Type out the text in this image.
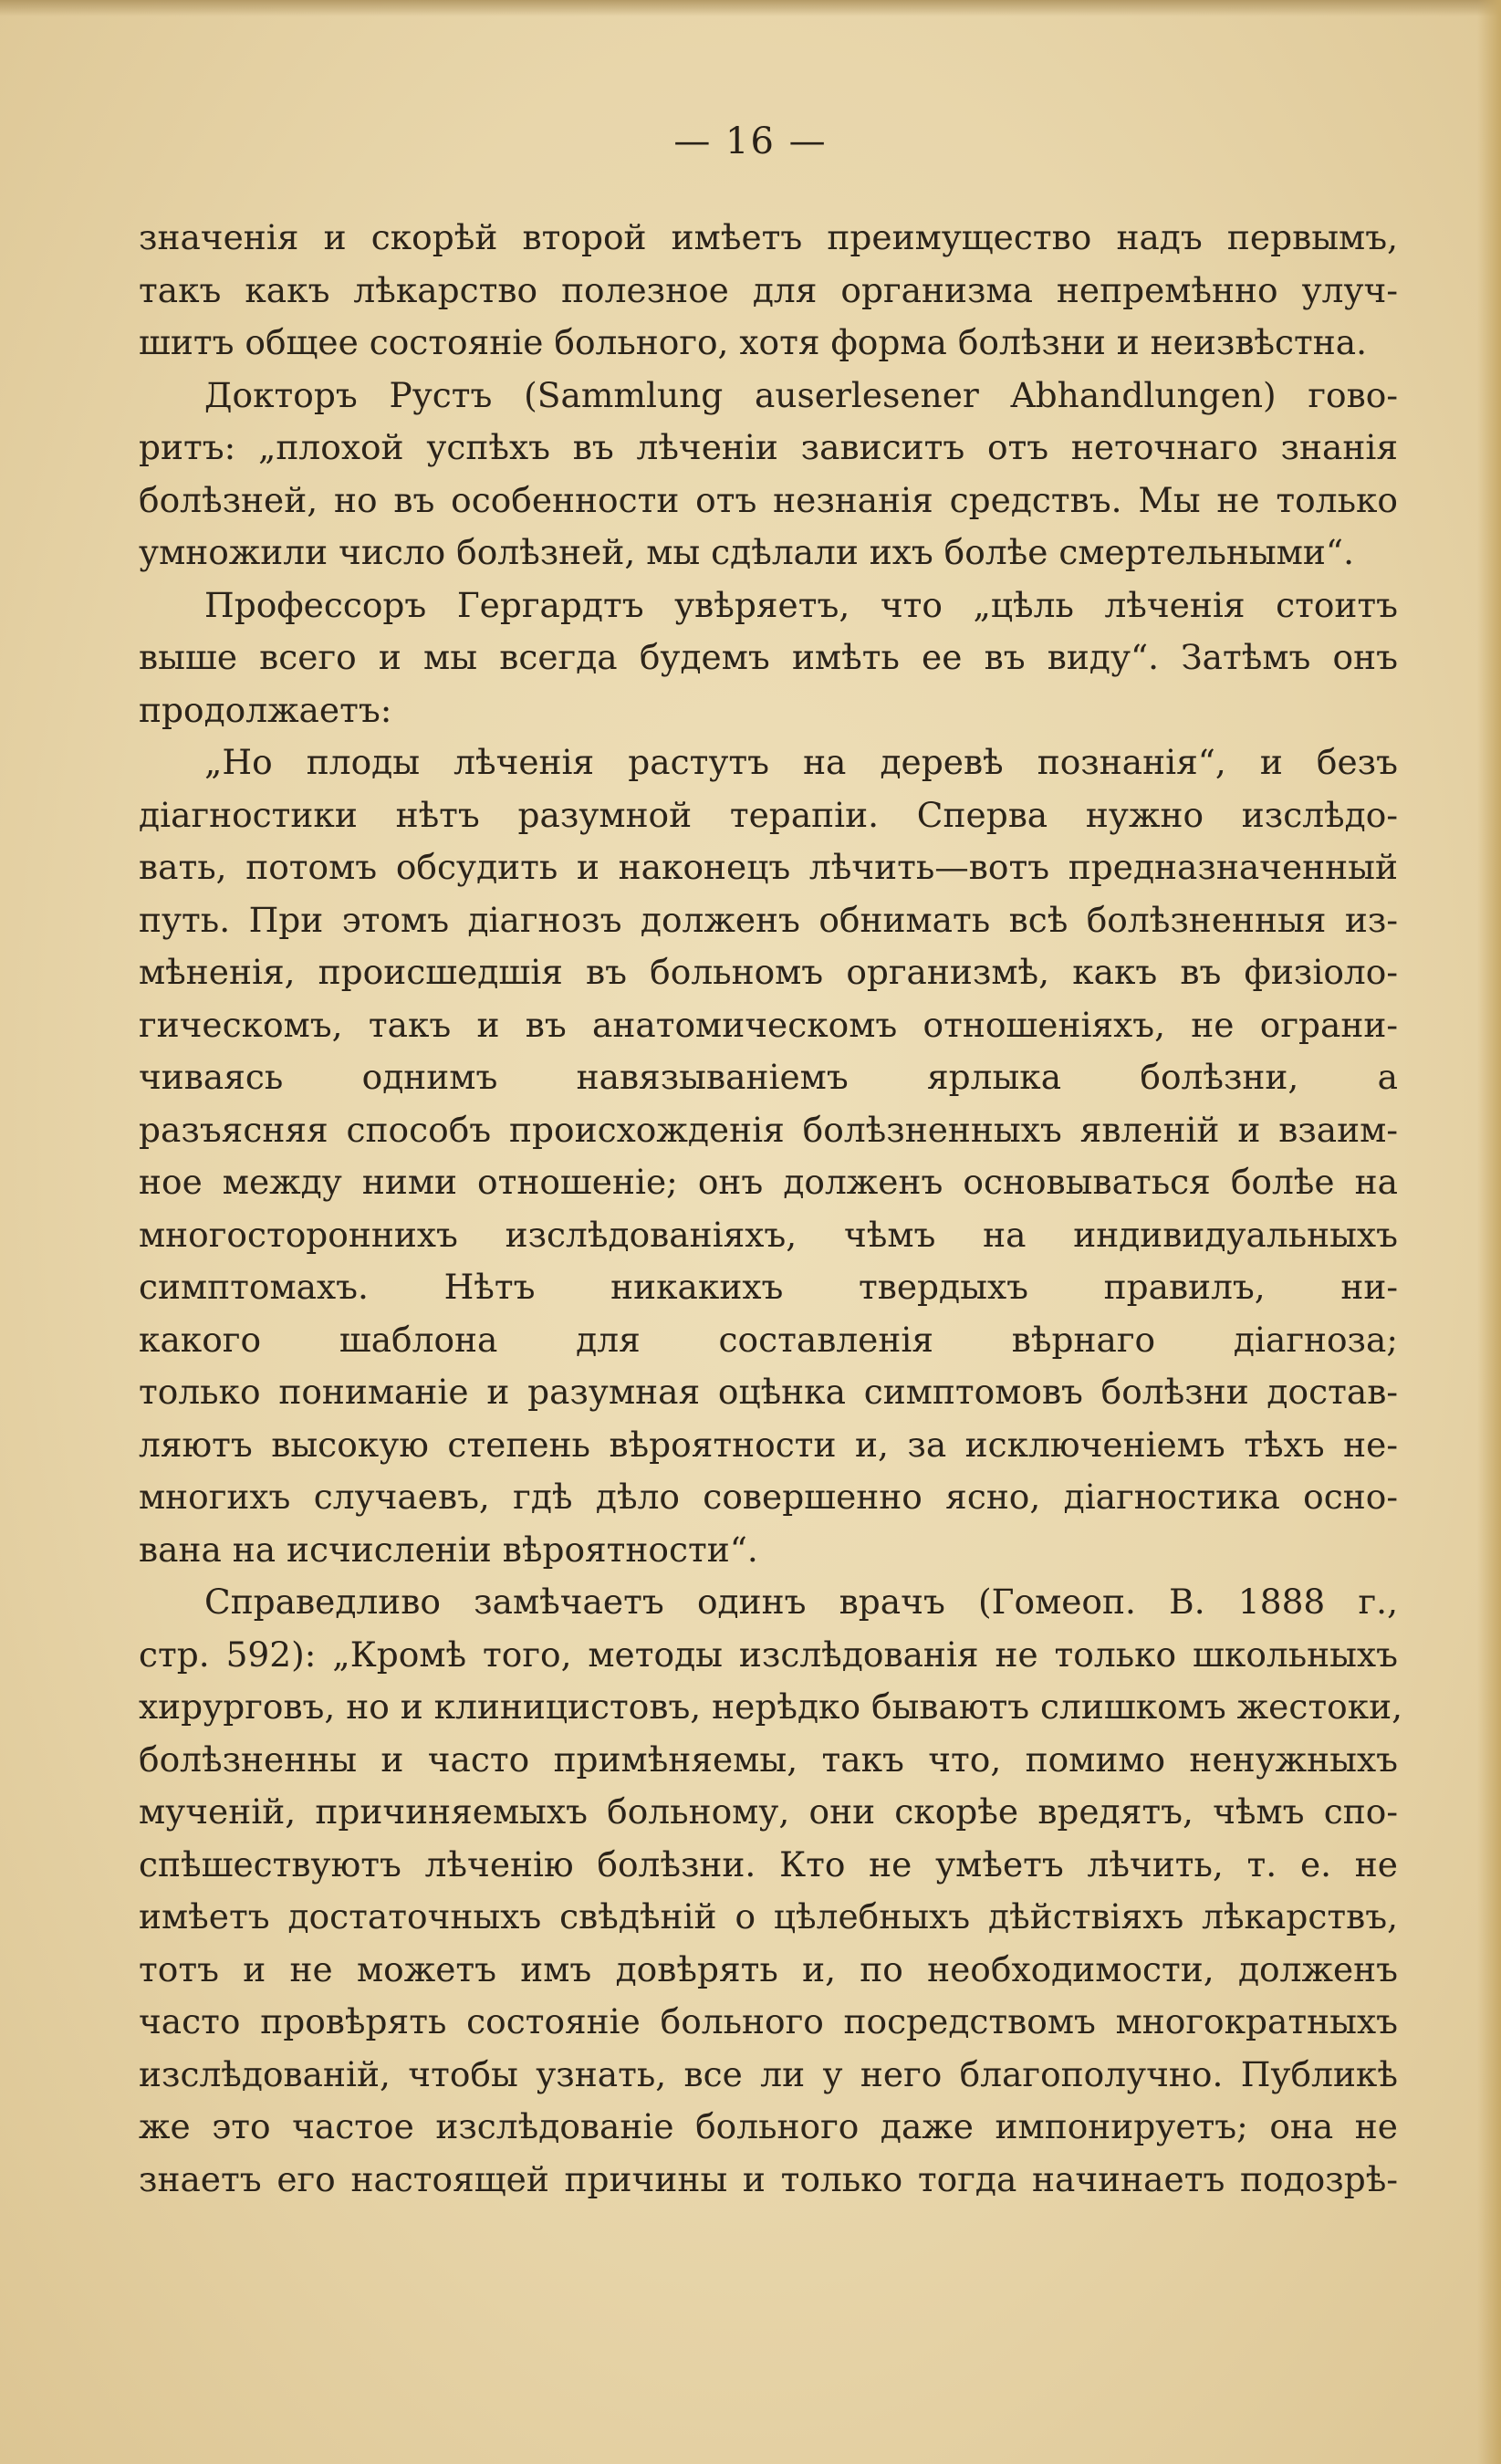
— 16 —
значенія и скорѣй второй имѣетъ преимущество надъ первымъ,
такъ какъ лѣкарство полезное для организма непремѣнно улуч-
шитъ общее состояніе больного, хотя форма болѣзни и неизвѣстна.
Докторъ Рустъ (Sammlung auserlesener Abhandlungen) гово-
ритъ: „плохой успѣхъ въ лѣченіи зависитъ отъ неточнаго знанія
болѣзней, но въ особенности отъ незнанія средствъ. Мы не только
умножили число болѣзней, мы сдѣлали ихъ болѣе смертельными“.
Профессоръ Гергардтъ увѣряетъ, что „цѣль лѣченія стоитъ
выше всего и мы всегда будемъ имѣть ее въ виду“. Затѣмъ онъ
продолжаетъ:
„Но плоды лѣченія растутъ на деревѣ познанія“, и безъ
діагностики нѣтъ разумной терапіи. Сперва нужно изслѣдо-
вать, потомъ обсудить и наконецъ лѣчить—вотъ предназначенный
путь. При этомъ діагнозъ долженъ обнимать всѣ болѣзненныя из-
мѣненія, происшедшія въ больномъ организмѣ, какъ въ физіоло-
гическомъ, такъ и въ анатомическомъ отношеніяхъ, не ограни-
чиваясь однимъ навязываніемъ ярлыка болѣзни, а
разъясняя способъ происхожденія болѣзненныхъ явленій и взаим-
ное между ними отношеніе; онъ долженъ основываться болѣе на
многостороннихъ изслѣдованіяхъ, чѣмъ на индивидуальныхъ
симптомахъ. Нѣтъ никакихъ твердыхъ правилъ, ни-
какого шаблона для составленія вѣрнаго діагноза;
только пониманіе и разумная оцѣнка симптомовъ болѣзни достав-
ляютъ высокую степень вѣроятности и, за исключеніемъ тѣхъ не-
многихъ случаевъ, гдѣ дѣло совершенно ясно, діагностика осно-
вана на исчисленіи вѣроятности“.
Справедливо замѣчаетъ одинъ врачъ (Гомеоп. В. 1888 г.,
стр. 592): „Кромѣ того, методы изслѣдованія не только школьныхъ
хирурговъ, но и клиницистовъ, нерѣдко бываютъ слишкомъ жестоки,
болѣзненны и часто примѣняемы, такъ что, помимо ненужныхъ
мученій, причиняемыхъ больному, они скорѣе вредятъ, чѣмъ спо-
спѣшествуютъ лѣченію болѣзни. Кто не умѣетъ лѣчить, т. е. не
имѣетъ достаточныхъ свѣдѣній о цѣлебныхъ дѣйствіяхъ лѣкарствъ,
тотъ и не можетъ имъ довѣрять и, по необходимости, долженъ
часто провѣрять состояніе больного посредствомъ многократныхъ
изслѣдованій, чтобы узнать, все ли у него благополучно. Публикѣ
же это частое изслѣдованіе больного даже импонируетъ; она не
знаетъ его настоящей причины и только тогда начинаетъ подозрѣ-
